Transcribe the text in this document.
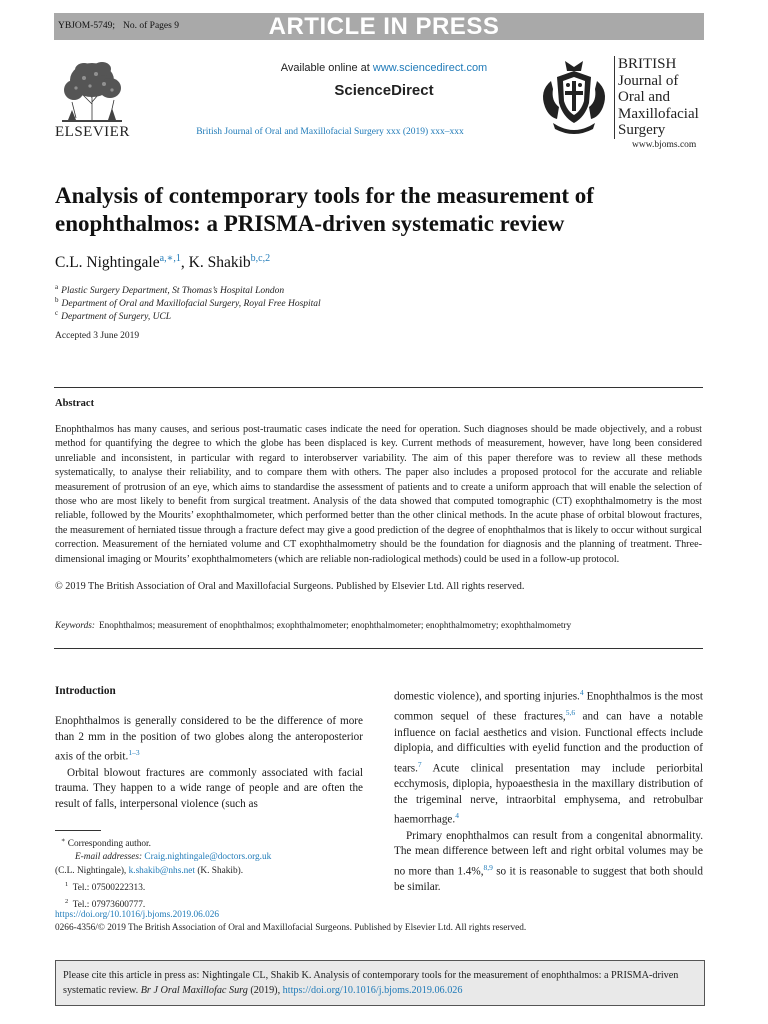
YBJOM-5749; No. of Pages 9	ARTICLE IN PRESS
ELSEVIER
Available online at www.sciencedirect.com
ScienceDirect
British Journal of Oral and Maxillofacial Surgery xxx (2019) xxx–xxx
BRITISH
Journal of
Oral and
Maxillofacial
Surgery
www.bjoms.com
Analysis of contemporary tools for the measurement of enophthalmos: a PRISMA-driven systematic review
C.L. Nightingale$^{a,∗,1}$, K. Shakib$^{b,c,2}$
$^a$ Plastic Surgery Department, St Thomas’s Hospital London
$^b$ Department of Oral and Maxillofacial Surgery, Royal Free Hospital
$^c$ Department of Surgery, UCL
Accepted 3 June 2019
Abstract
Enophthalmos has many causes, and serious post-traumatic cases indicate the need for operation. Such diagnoses should be made objectively, and a robust method for quantifying the degree to which the globe has been displaced is key. Current methods of measurement, however, have long been considered unreliable and inconsistent, in particular with regard to interobserver variability. The aim of this paper therefore was to review all these methods systematically, to analyse their reliability, and to compare them with others. The paper also includes a proposed protocol for the accurate and reliable measurement of protrusion of an eye, which aims to standardise the assessment of patients and to create a uniform approach that will enable the selection of those who are most likely to benefit from surgical treatment. Analysis of the data showed that computed tomographic (CT) exophthalmometry is the most reliable, followed by the Mourits’ exophthalmometer, which performed better than the other clinical methods. In the acute phase of orbital blowout fractures, the measurement of herniated tissue through a fracture defect may give a good prediction of the degree of enophthalmos that is likely to occur without surgical correction. Measurement of the herniated volume and CT exophthalmometry should be the foundation for diagnosis and the planning of treatment. Three-dimensional imaging or Mourits’ exophthalmometers (which are reliable non-radiological methods) could be used in a follow-up protocol.
© 2019 The British Association of Oral and Maxillofacial Surgeons. Published by Elsevier Ltd. All rights reserved.
Keywords: Enophthalmos; measurement of enophthalmos; exophthalmometer; enophthalmometer; enophthalmometry; exophthalmometry
Introduction

Enophthalmos is generally considered to be the difference of more than 2 mm in the position of two globes along the anteroposterior axis of the orbit.$^{1-3}$

Orbital blowout fractures are commonly associated with facial trauma. They happen to a wide range of people and are often the result of falls, interpersonal violence (such as

domestic violence), and sporting injuries.$^4$ Enophthalmos is the most common sequel of these fractures,$^{5,6}$ and can have a notable influence on facial aesthetics and vision. Functional effects include diplopia, and difficulties with eyelid function and the production of tears.$^7$ Acute clinical presentation may include periorbital ecchymosis, diplopia, hypoaesthesia in the maxillary distribution of the trigeminal nerve, intraorbital emphysema, and retrobulbar haemorrhage.$^4$

Primary enophthalmos can result from a congenital abnormality. The mean difference between left and right orbital volumes may be no more than 1.4%,$^{8,9}$ so it is reasonable to suggest that both should be similar.

∗ Corresponding author.
E-mail addresses: Craig.nightingale@doctors.org.uk
(C.L. Nightingale), k.shakib@nhs.net (K. Shakib).
$^1$ Tel.: 07500222313.
$^2$ Tel.: 07973600777.
https://doi.org/10.1016/j.bjoms.2019.06.026
0266-4356/© 2019 The British Association of Oral and Maxillofacial Surgeons. Published by Elsevier Ltd. All rights reserved.
Please cite this article in press as: Nightingale CL, Shakib K. Analysis of contemporary tools for the measurement of enophthalmos: a PRISMA-driven systematic review. Br J Oral Maxillofac Surg (2019), https://doi.org/10.1016/j.bjoms.2019.06.026
